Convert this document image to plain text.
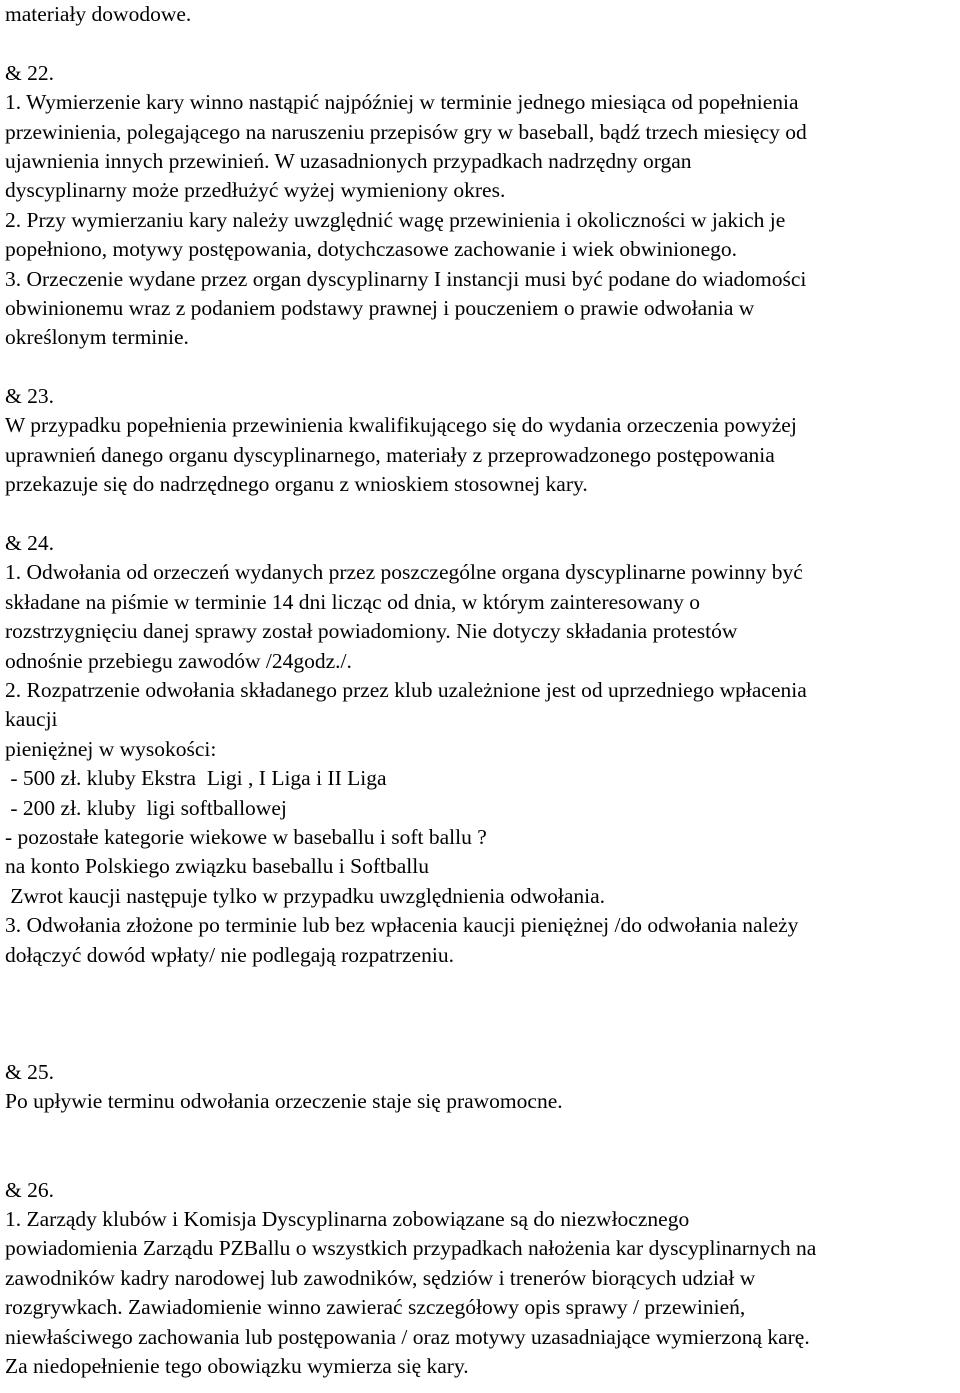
materiały dowodowe.
& 22.
1. Wymierzenie kary winno nastąpić najpóźniej w terminie jednego miesiąca od popełnienia
przewinienia, polegającego na naruszeniu przepisów gry w baseball, bądź trzech miesięcy od
ujawnienia innych przewinień. W uzasadnionych przypadkach nadrzędny organ
dyscyplinarny może przedłużyć wyżej wymieniony okres.
2. Przy wymierzaniu kary należy uwzględnić wagę przewinienia i okoliczności w jakich je
popełniono, motywy postępowania, dotychczasowe zachowanie i wiek obwinionego.
3. Orzeczenie wydane przez organ dyscyplinarny I instancji musi być podane do wiadomości
obwinionemu wraz z podaniem podstawy prawnej i pouczeniem o prawie odwołania w
określonym terminie.
& 23.
W przypadku popełnienia przewinienia kwalifikującego się do wydania orzeczenia powyżej
uprawnień danego organu dyscyplinarnego, materiały z przeprowadzonego postępowania
przekazuje się do nadrzędnego organu z wnioskiem stosownej kary.
& 24.
1. Odwołania od orzeczeń wydanych przez poszczególne organa dyscyplinarne powinny być
składane na piśmie w terminie 14 dni licząc od dnia, w którym zainteresowany o
rozstrzygnięciu danej sprawy został powiadomiony. Nie dotyczy składania protestów
odnośnie przebiegu zawodów /24godz./.
2. Rozpatrzenie odwołania składanego przez klub uzależnione jest od uprzedniego wpłacenia
kaucji
pieniężnej w wysokości:
- 500 zł. kluby Ekstra  Ligi , I Liga i II Liga
- 200 zł. kluby  ligi softballowej
- pozostałe kategorie wiekowe w baseballu i soft ballu ?
na konto Polskiego związku baseballu i Softballu
Zwrot kaucji następuje tylko w przypadku uwzględnienia odwołania.
3. Odwołania złożone po terminie lub bez wpłacenia kaucji pieniężnej /do odwołania należy
dołączyć dowód wpłaty/ nie podlegają rozpatrzeniu.
& 25.
Po upływie terminu odwołania orzeczenie staje się prawomocne.
& 26.
1. Zarządy klubów i Komisja Dyscyplinarna zobowiązane są do niezwłocznego
powiadomienia Zarządu PZBallu o wszystkich przypadkach nałożenia kar dyscyplinarnych na
zawodników kadry narodowej lub zawodników, sędziów i trenerów biorących udział w
rozgrywkach. Zawiadomienie winno zawierać szczegółowy opis sprawy / przewinień,
niewłaściwego zachowania lub postępowania / oraz motywy uzasadniające wymierzoną karę.
Za niedopełnienie tego obowiązku wymierza się kary.
